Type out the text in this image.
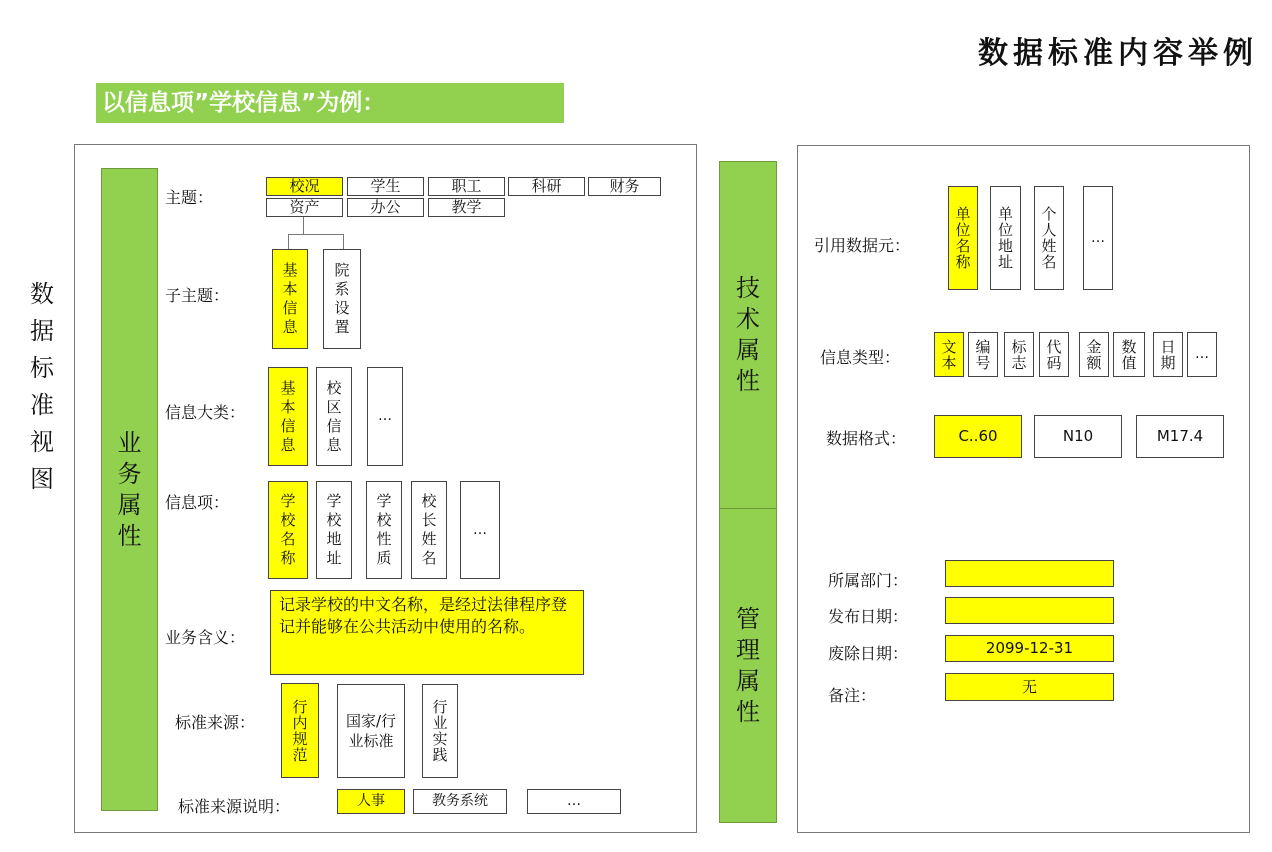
数据标准内容举例
以信息项”学校信息”为例：
数据标准视图
业务属性
主题：
校况	学生	职工	科研	财务
资产	办公	教学
子主题：
基本信息
院系设置
信息大类：
基本信息
校区信息
…
信息项：	学校名称
学校地址
学校性质
校长姓名
…
业务含义：
记录学校的中文名称，是经过法律程序登记并能够在公共活动中使用的名称。
标准来源：
行内规范
国家/行业标准
行业实践
标准来源说明：	人事	教务系统	…
技术属性
管理属性
引用数据元：
单位名称
单位地址
个人姓名
…
信息类型：
文本
编号
标志
代码
金额
数值
日期	…
数据格式：	C..60	N10	M17.4
所属部门：
发布日期：
废除日期：	2099-12-31
备注：	无
